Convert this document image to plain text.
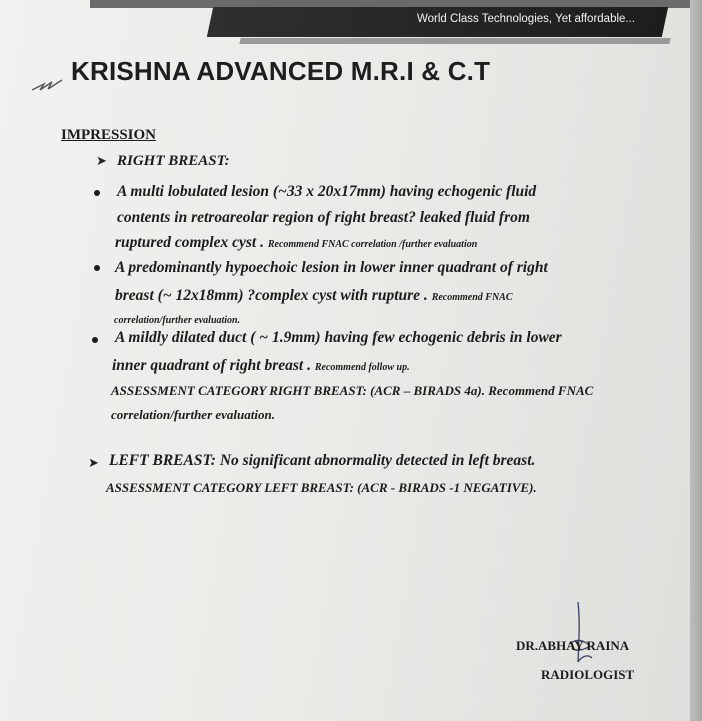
World Class Technologies, Yet affordable...
KRISHNA ADVANCED M.R.I & C.T
IMPRESSION
➤ RIGHT BREAST:
A multi lobulated lesion (~33 x 20x17mm) having echogenic fluid
contents in retroareolar region of right breast? leaked fluid from
ruptured complex cyst . Recommend FNAC correlation /further evaluation
A predominantly hypoechoic lesion in lower inner quadrant of right
breast (~ 12x18mm) ?complex cyst with rupture . Recommend FNAC
correlation/further evaluation.
A mildly dilated duct ( ~ 1.9mm) having few echogenic debris in lower
inner quadrant of right breast . Recommend follow up.
ASSESSMENT CATEGORY RIGHT BREAST: (ACR – BIRADS 4a). Recommend FNAC
correlation/further evaluation.
➤ LEFT BREAST: No significant abnormality detected in left breast.
ASSESSMENT CATEGORY LEFT BREAST: (ACR - BIRADS -1 NEGATIVE).
DR.ABHAY RAINA
RADIOLOGIST
